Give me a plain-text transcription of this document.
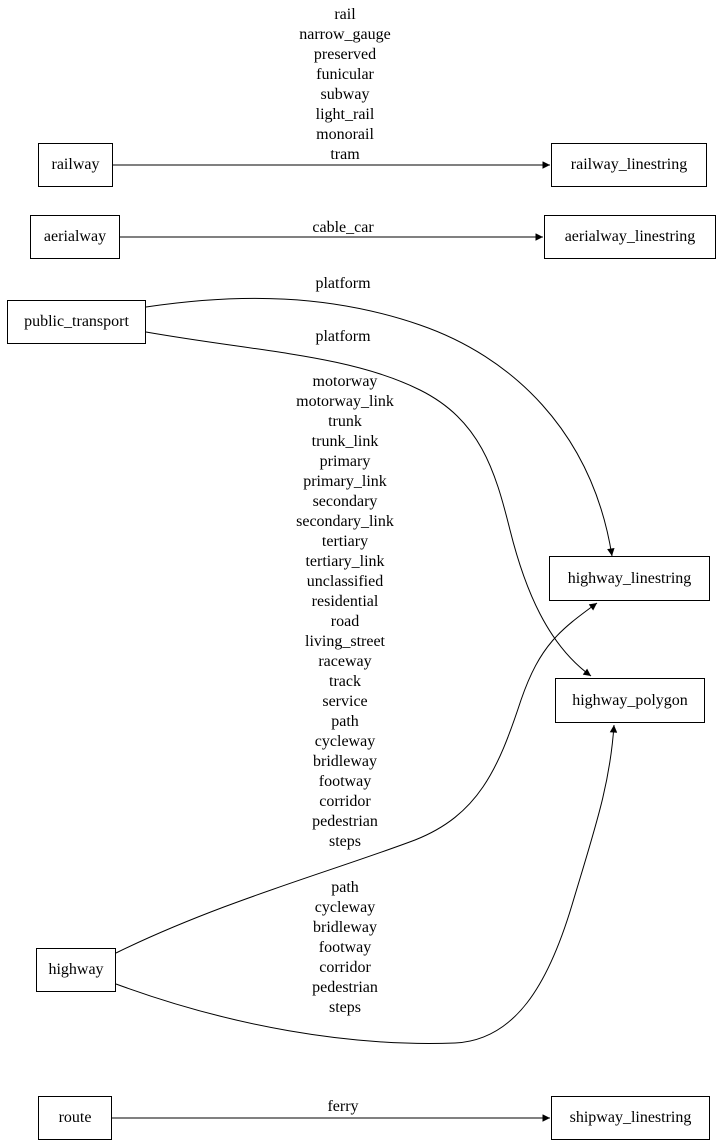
railway	railway_linestring
aerialway	aerialway_linestring
public_transport
highway_linestring
highway_polygon
highway
route	shipway_linestring
rail
narrow_gauge
preserved
funicular
subway
light_rail
monorail
tram
cable_car
platform
platform
motorway
motorway_link
trunk
trunk_link
primary
primary_link
secondary
secondary_link
tertiary
tertiary_link
unclassified
residential
road
living_street
raceway
track
service
path
cycleway
bridleway
footway
corridor
pedestrian
steps
path
cycleway
bridleway
footway
corridor
pedestrian
steps
ferry
